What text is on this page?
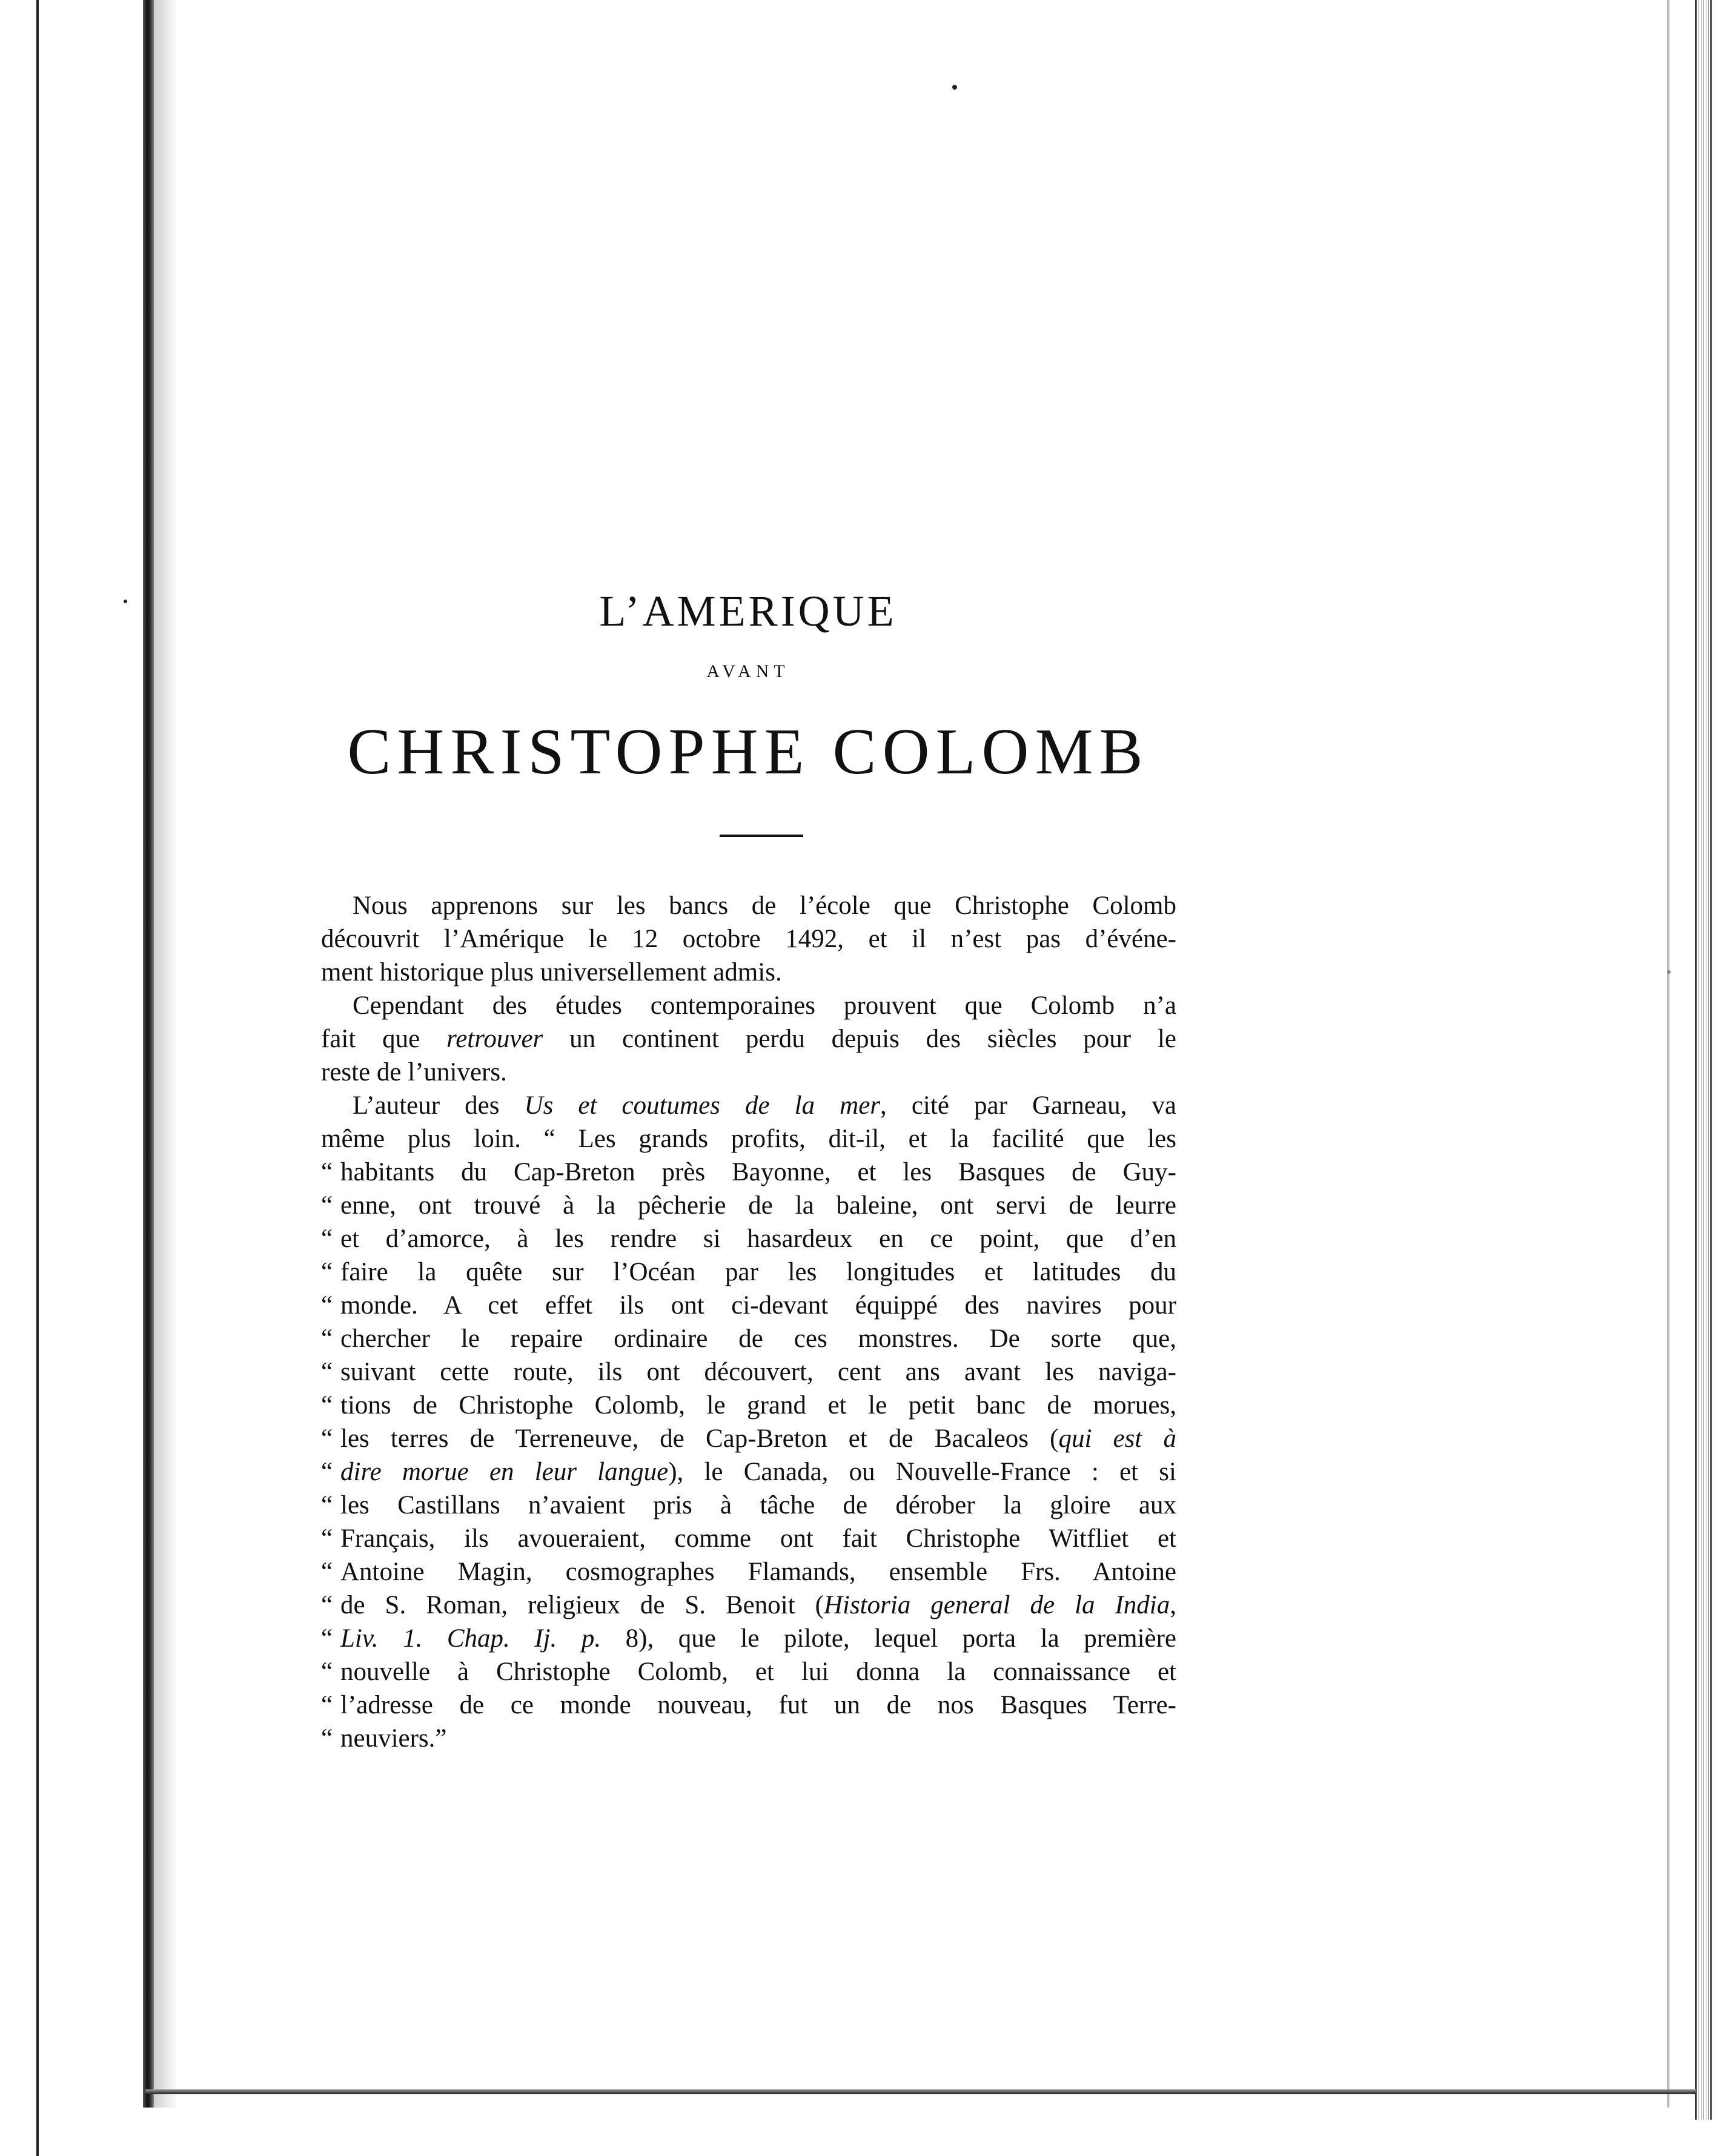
L’AMERIQUE
AVANT
CHRISTOPHE COLOMB
Nous apprenons sur les bancs de l’école que Christophe Colomb
découvrit l’Amérique le 12 octobre 1492, et il n’est pas d’événe-
ment historique plus universellement admis.
Cependant des études contemporaines prouvent que Colomb n’a
fait que retrouver un continent perdu depuis des siècles pour le
reste de l’univers.
L’auteur des Us et coutumes de la mer, cité par Garneau, va
même plus loin. “ Les grands profits, dit-il, et la facilité que les
“ habitants du Cap-Breton près Bayonne, et les Basques de Guy-
“ enne, ont trouvé à la pêcherie de la baleine, ont servi de leurre
“ et d’amorce, à les rendre si hasardeux en ce point, que d’en
“ faire la quête sur l’Océan par les longitudes et latitudes du
“ monde. A cet effet ils ont ci-devant équippé des navires pour
“ chercher le repaire ordinaire de ces monstres. De sorte que,
“ suivant cette route, ils ont découvert, cent ans avant les naviga-
“ tions de Christophe Colomb, le grand et le petit banc de morues,
“ les terres de Terreneuve, de Cap-Breton et de Bacaleos (qui est à
“ dire morue en leur langue), le Canada, ou Nouvelle-France : et si
“ les Castillans n’avaient pris à tâche de dérober la gloire aux
“ Français, ils avoueraient, comme ont fait Christophe Witfliet et
“ Antoine Magin, cosmographes Flamands, ensemble Frs. Antoine
“ de S. Roman, religieux de S. Benoit (Historia general de la India,
“ Liv. 1. Chap. Ij. p. 8), que le pilote, lequel porta la première
“ nouvelle à Christophe Colomb, et lui donna la connaissance et
“ l’adresse de ce monde nouveau, fut un de nos Basques Terre-
“ neuviers.”
